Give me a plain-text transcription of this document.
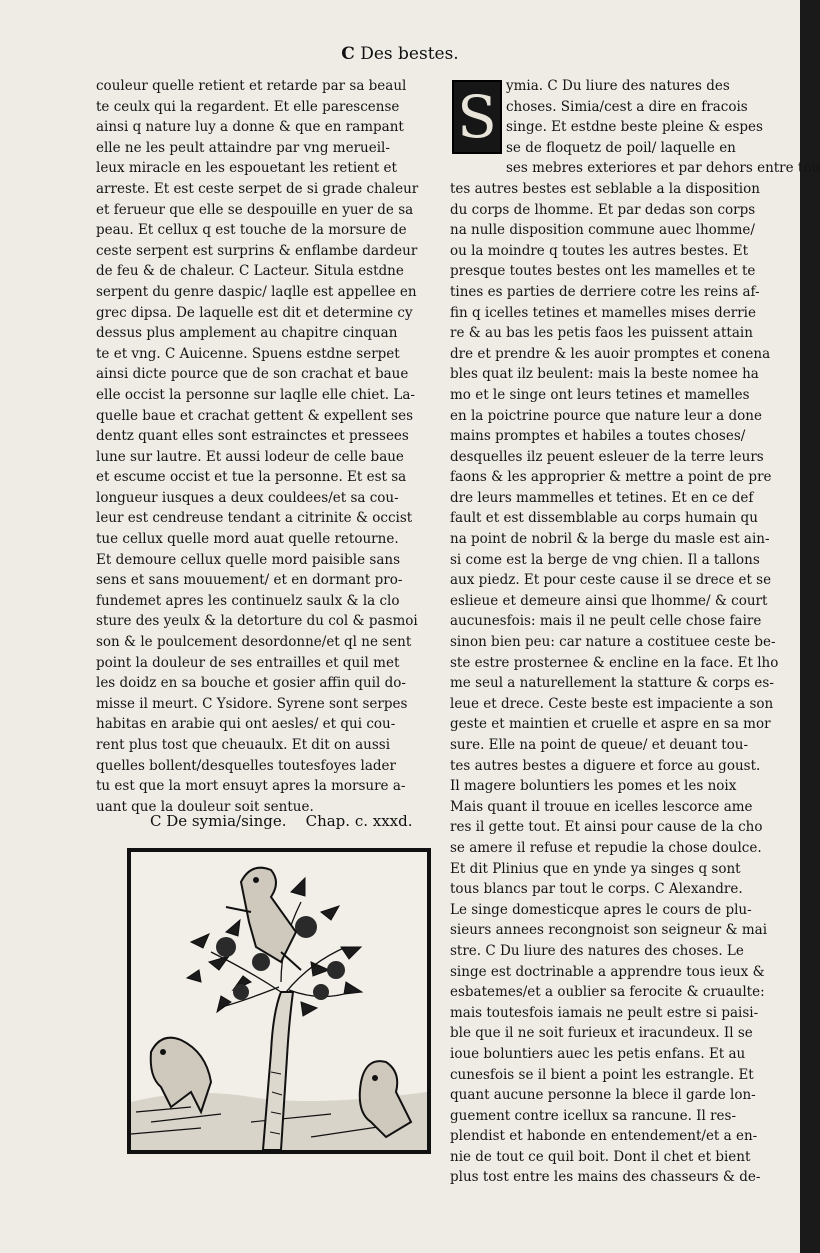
C Des bestes.
couleur quelle retient et retarde par sa beaul
te ceulx qui la regardent. Et elle parescense
ainsi q nature luy a donne & que en rampant
elle ne les peult attaindre par vng merueil-
leux miracle en les espouetant les retient et
arreste. Et est ceste serpet de si grade chaleur
et ferueur que elle se despouille en yuer de sa
peau. Et cellux q est touche de la morsure de
ceste serpent est surprins & enflambe dardeur
de feu & de chaleur. C Lacteur. Situla estdne
serpent du genre daspic/ laqlle est appellee en
grec dipsa. De laquelle est dit et determine cy
dessus plus amplement au chapitre cinquan
te et vng. C Auicenne. Spuens estdne serpet
ainsi dicte pource que de son crachat et baue
elle occist la personne sur laqlle elle chiet. La-
quelle baue et crachat gettent & expellent ses
dentz quant elles sont estrainctes et pressees
lune sur lautre. Et aussi lodeur de celle baue
et escume occist et tue la personne. Et est sa
longueur iusques a deux couldees/et sa cou-
leur est cendreuse tendant a citrinite & occist
tue cellux quelle mord auat quelle retourne.
Et demoure cellux quelle mord paisible sans
sens et sans mouuement/ et en dormant pro-
fundemet apres les continuelz saulx & la clo
sture des yeulx & la detorture du col & pasmoi
son & le poulcement desordonne/et ql ne sent
point la douleur de ses entrailles et quil met
les doidz en sa bouche et gosier affin quil do-
misse il meurt. C Ysidore. Syrene sont serpes
habitas en arabie qui ont aesles/ et qui cou-
rent plus tost que cheuaulx. Et dit on aussi
quelles bollent/desquelles toutesfoyes lader
tu est que la mort ensuyt apres la morsure a-
uant que la douleur soit sentue.
C De symia/singe. Chap. c. xxxd.
S ymia. C Du liure des natures des
choses. Simia/cest a dire en fracois
singe. Et estdne beste pleine & espes
se de floquetz de poil/ laquelle en
ses mebres exteriores et par dehors entre tou
tes autres bestes est seblable a la disposition
du corps de lhomme. Et par dedas son corps
na nulle disposition commune auec lhomme/
ou la moindre q toutes les autres bestes. Et
presque toutes bestes ont les mamelles et te
tines es parties de derriere cotre les reins af-
fin q icelles tetines et mamelles mises derrie
re & au bas les petis faos les puissent attain
dre et prendre & les auoir promptes et conena
bles quat ilz beulent: mais la beste nomee ha
mo et le singe ont leurs tetines et mamelles
en la poictrine pource que nature leur a done
mains promptes et habiles a toutes choses/
desquelles ilz peuent esleuer de la terre leurs
faons & les approprier & mettre a point de pre
dre leurs mammelles et tetines. Et en ce def
fault et est dissemblable au corps humain qu
na point de nobril & la berge du masle est ain-
si come est la berge de vng chien. Il a tallons
aux piedz. Et pour ceste cause il se drece et se
eslieue et demeure ainsi que lhomme/ & court
aucunesfois: mais il ne peult celle chose faire
sinon bien peu: car nature a costituee ceste be-
ste estre prosternee & encline en la face. Et lho
me seul a naturellement la statture & corps es-
leue et drece. Ceste beste est impaciente a son
geste et maintien et cruelle et aspre en sa mor
sure. Elle na point de queue/ et deuant tou-
tes autres bestes a diguere et force au goust.
Il magere boluntiers les pomes et les noix
Mais quant il trouue en icelles lescorce ame
res il gette tout. Et ainsi pour cause de la cho
se amere il refuse et repudie la chose doulce.
Et dit Plinius que en ynde ya singes q sont
tous blancs par tout le corps. C Alexandre.
Le singe domesticque apres le cours de plu-
sieurs annees recongnoist son seigneur & mai
stre. C Du liure des natures des choses. Le
singe est doctrinable a apprendre tous ieux &
esbatemes/et a oublier sa ferocite & cruaulte:
mais toutesfois iamais ne peult estre si paisi-
ble que il ne soit furieux et iracundeux. Il se
ioue boluntiers auec les petis enfans. Et au
cunesfois se il bient a point les estrangle. Et
quant aucune personne la blece il garde lon-
guement contre icellux sa rancune. Il res-
plendist et habonde en entendement/et a en-
nie de tout ce quil boit. Dont il chet et bient
plus tost entre les mains des chasseurs & de-
